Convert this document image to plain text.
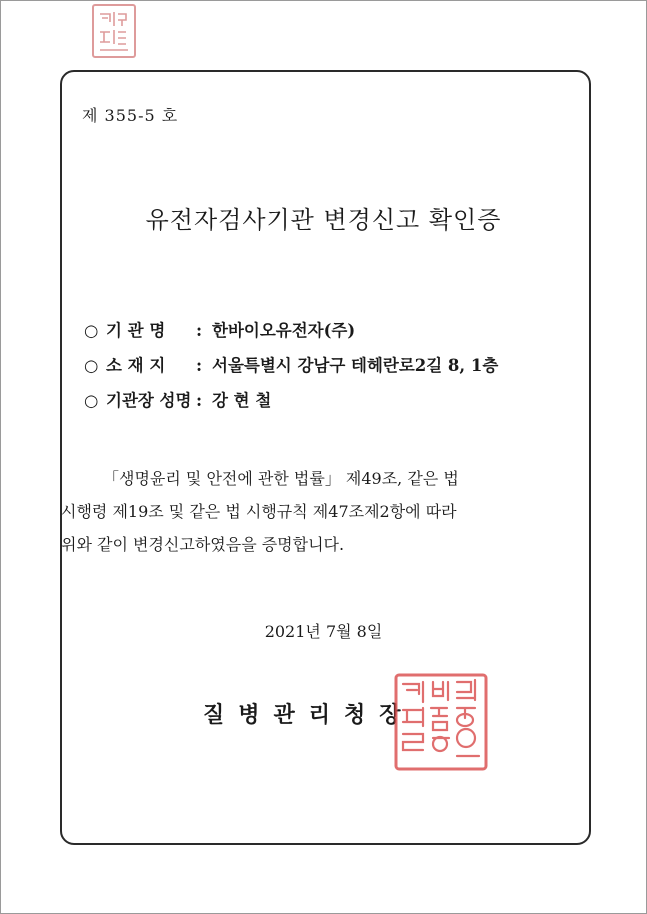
제 355-5 호
유전자검사기관 변경신고 확인증
○ 기 관 명	: 한바이오유전자(주)
○ 소 재 지	: 서울특별시 강남구 테헤란로2길 8, 1층
○ 기관장 성명 : 강 현 철

「생명윤리 및 안전에 관한 법률」 제49조, 같은 법

시행령 제19조 및 같은 법 시행규칙 제47조제2항에 따라

위와 같이 변경신고하였음을 증명합니다.

2021년 7월 8일
질병관리청장
